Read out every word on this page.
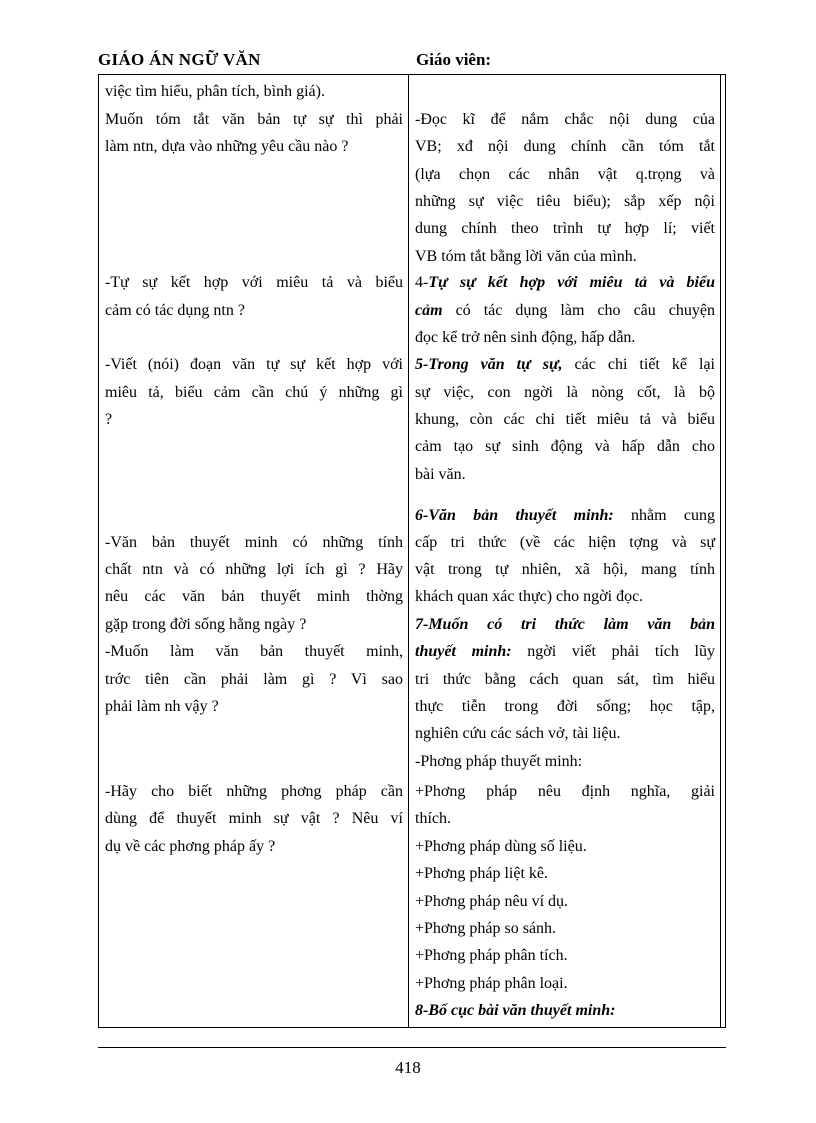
GIÁO ÁN NGỮ VĂN	Giáo viên:
việc tìm hiểu, phân tích, bình giá).
Muốn tóm tắt văn bản tự sự thì phải
làm ntn, dựa vào những yêu cầu nào ?
-Tự sự kết hợp với miêu tả và biểu
cảm có tác dụng ntn ?
-Viết (nói) đoạn văn tự sự kết hợp với
miêu tả, biểu cảm cần chú ý những gì
?
-Văn bản thuyết minh có những tính
chất ntn và có những lợi ích gì ? Hãy
nêu các văn bản thuyết minh thờng
gặp trong đời sống hằng ngày ?
-Muốn làm văn bản thuyết minh,
trớc tiên cần phải làm gì ? Vì sao
phải làm nh vậy ?
-Hãy cho biết những phơng pháp cần
dùng để thuyết minh sự vật ? Nêu ví
dụ về các phơng pháp ấy ?
-Đọc kĩ để nắm chắc nội dung của
VB; xđ nội dung chính cần tóm tắt
(lựa chọn các nhân vật q.trọng và
những sự việc tiêu biểu); sắp xếp nội
dung chính theo trình tự hợp lí; viết
VB tóm tắt bằng lời văn của mình.
4-Tự sự kết hợp với miêu tả và biểu
cảm có tác dụng làm cho câu chuyện
đọc kể trở nên sinh động, hấp dẫn.
5-Trong văn tự sự, các chi tiết kể lại
sự việc, con ngời là nòng cốt, là bộ
khung, còn các chi tiết miêu tả và biểu
cảm tạo sự sinh động và hấp dẫn cho
bài văn.
6-Văn bản thuyết minh: nhằm cung
cấp tri thức (về các hiện tợng và sự
vật trong tự nhiên, xã hội, mang tính
khách quan xác thực) cho ngời đọc.
7-Muốn có tri thức làm văn bản
thuyết minh: ngời viết phải tích lũy
tri thức bằng cách quan sát, tìm hiểu
thực tiễn trong đời sống; học tập,
nghiên cứu các sách vở, tài liệu.
-Phơng pháp thuyết minh:
+Phơng pháp nêu định nghĩa, giải
thích.
+Phơng pháp dùng số liệu.
+Phơng pháp liệt kê.
+Phơng pháp nêu ví dụ.
+Phơng pháp so sánh.
+Phơng pháp phân tích.
+Phơng pháp phân loại.
8-Bố cục bài văn thuyết minh:
418
